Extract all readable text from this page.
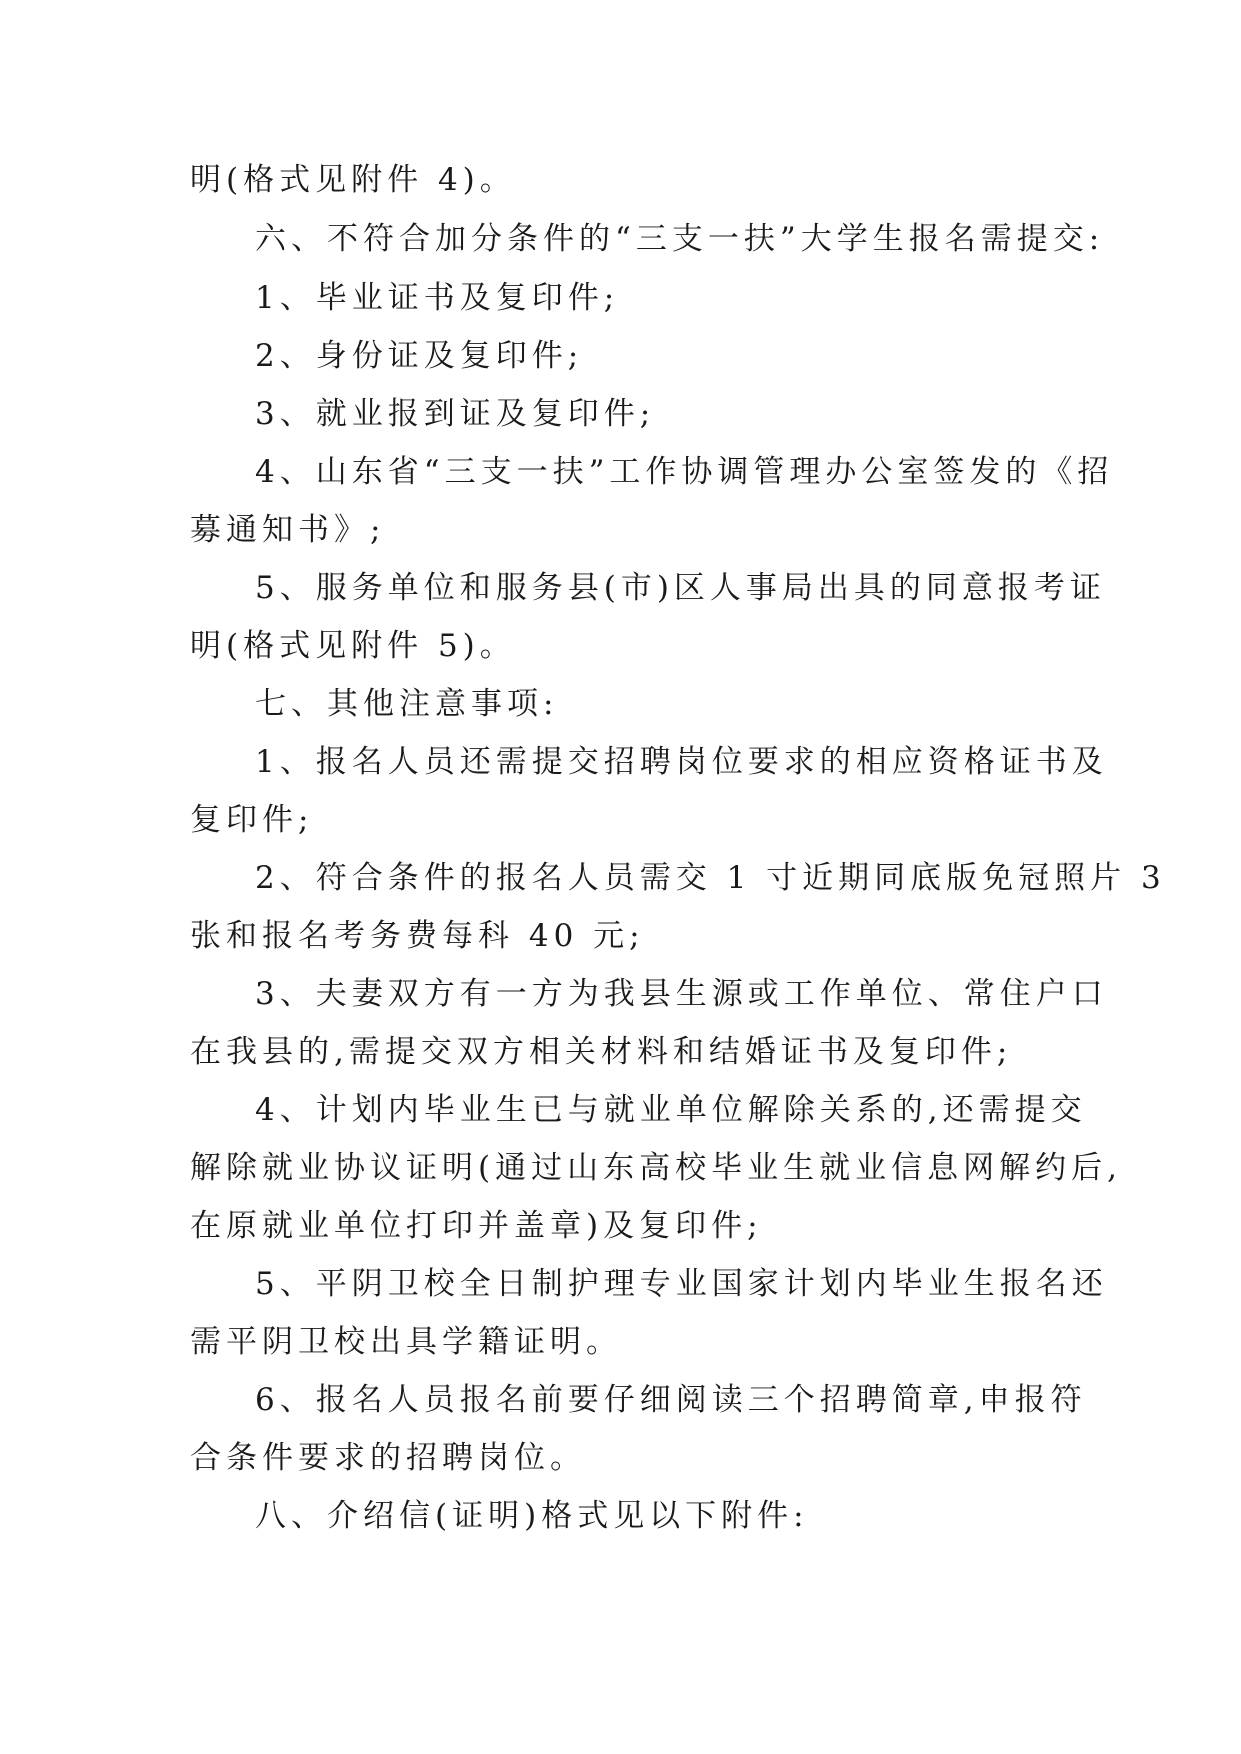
明(格式见附件 4)。
六、不符合加分条件的“三支一扶”大学生报名需提交:
1、毕业证书及复印件;
2、身份证及复印件;
3、就业报到证及复印件;
4、山东省“三支一扶”工作协调管理办公室签发的《招
募通知书》;
5、服务单位和服务县(市)区人事局出具的同意报考证
明(格式见附件 5)。
七、其他注意事项:
1、报名人员还需提交招聘岗位要求的相应资格证书及
复印件;
2、符合条件的报名人员需交 1 寸近期同底版免冠照片 3
张和报名考务费每科 40 元;
3、夫妻双方有一方为我县生源或工作单位、常住户口
在我县的,需提交双方相关材料和结婚证书及复印件;
4、计划内毕业生已与就业单位解除关系的,还需提交
解除就业协议证明(通过山东高校毕业生就业信息网解约后,
在原就业单位打印并盖章)及复印件;
5、平阴卫校全日制护理专业国家计划内毕业生报名还
需平阴卫校出具学籍证明。
6、报名人员报名前要仔细阅读三个招聘简章,申报符
合条件要求的招聘岗位。
八、介绍信(证明)格式见以下附件:
